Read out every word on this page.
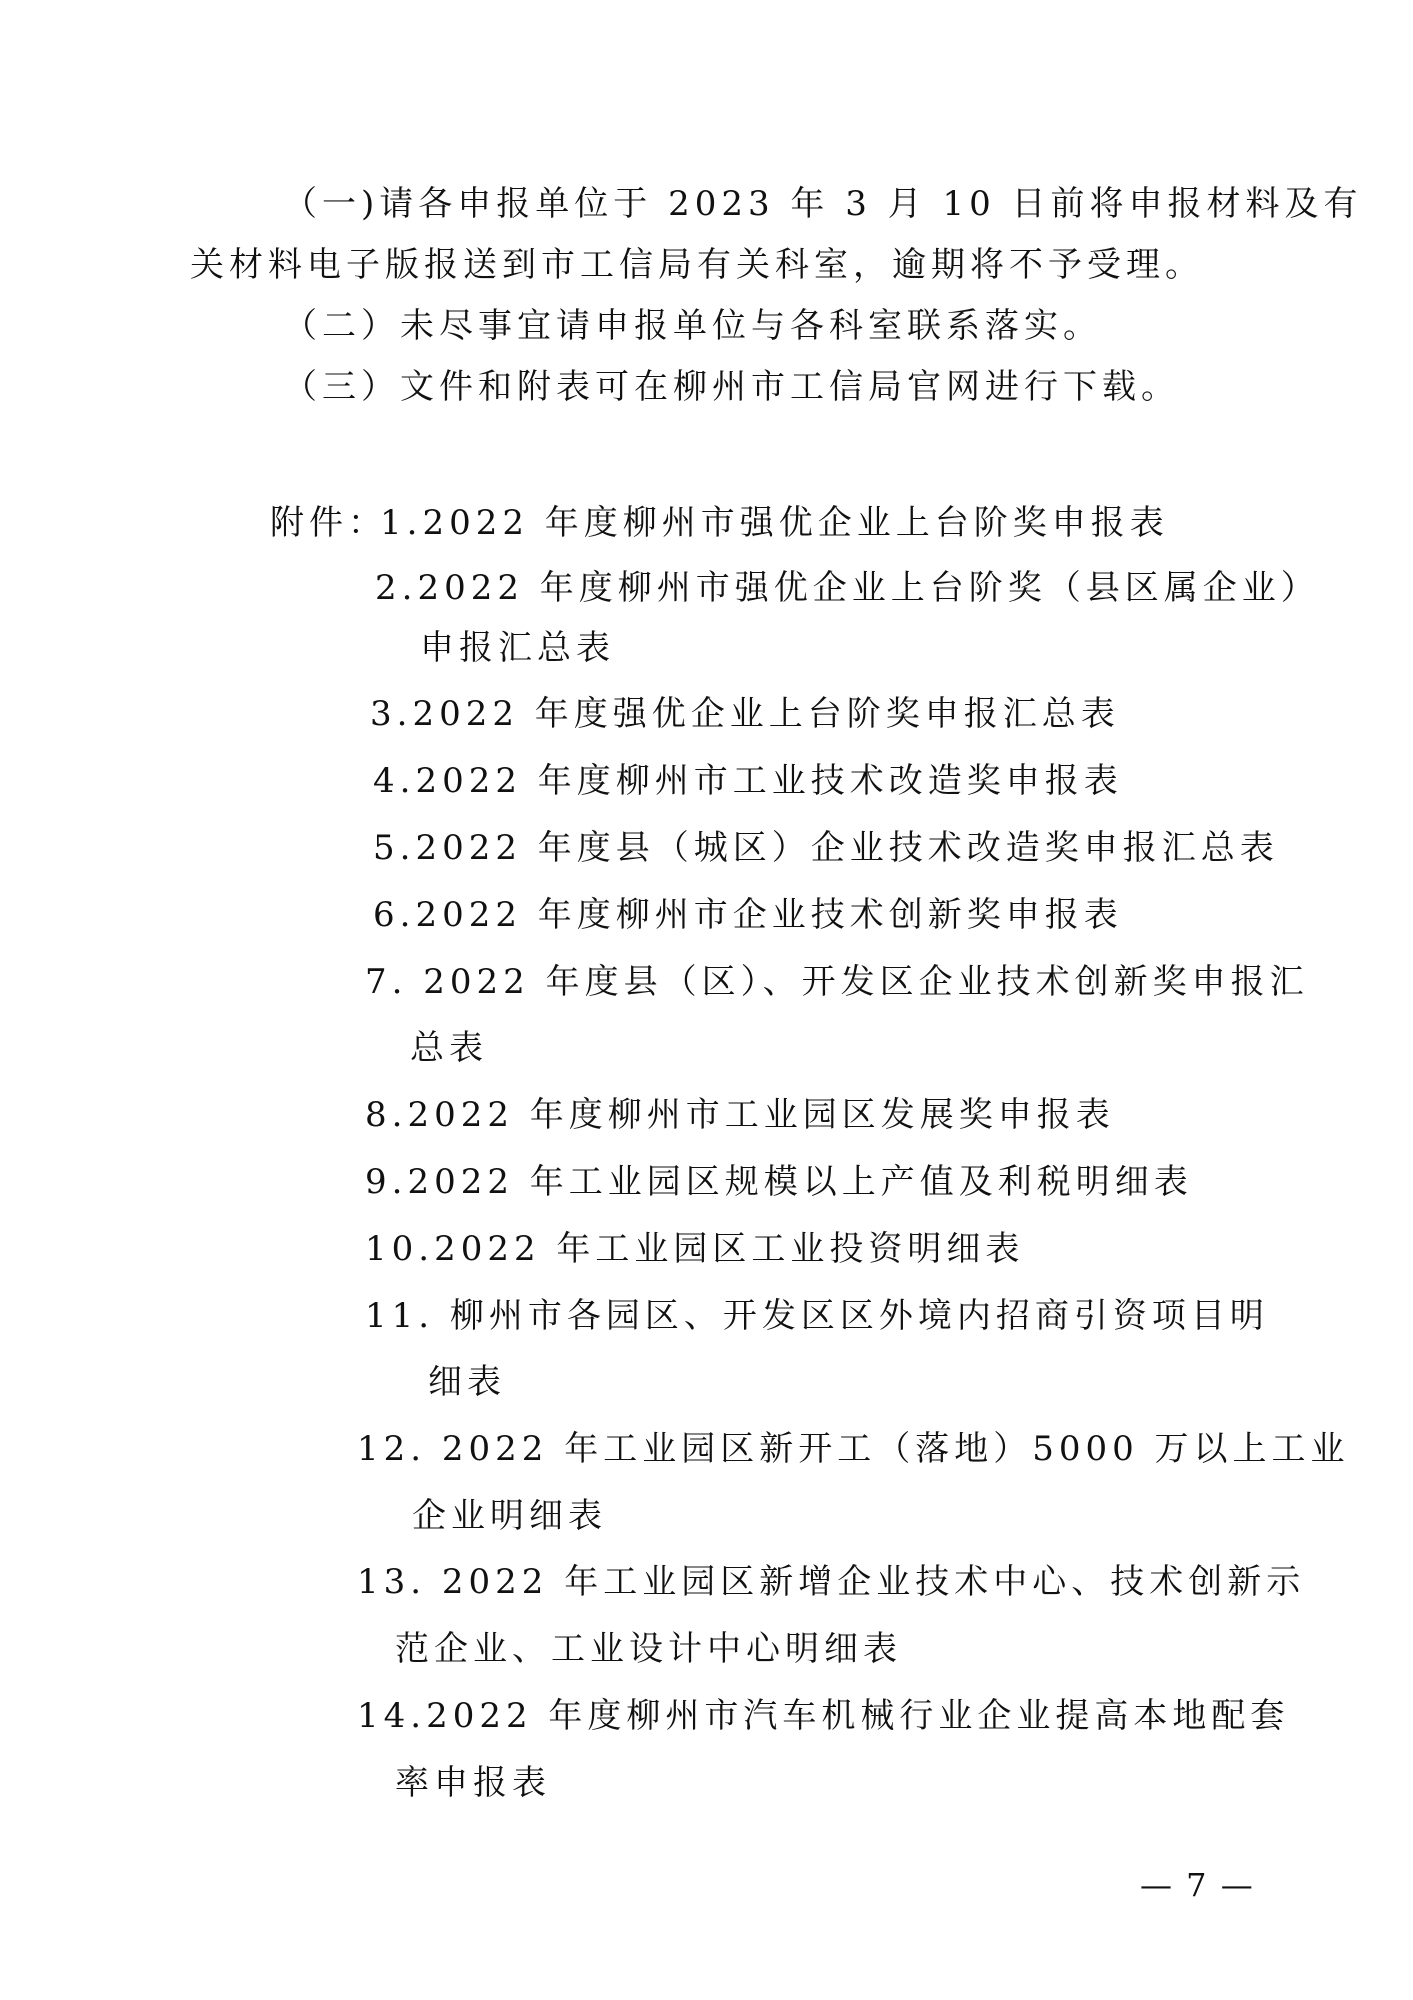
（一)请各申报单位于 2023 年 3 月 10 日前将申报材料及有
关材料电子版报送到市工信局有关科室，逾期将不予受理。
（二）未尽事宜请申报单位与各科室联系落实。
（三）文件和附表可在柳州市工信局官网进行下载。
附件：
1.2022 年度柳州市强优企业上台阶奖申报表
2.2022 年度柳州市强优企业上台阶奖（县区属企业）
申报汇总表
3.2022 年度强优企业上台阶奖申报汇总表
4.2022 年度柳州市工业技术改造奖申报表
5.2022 年度县（城区）企业技术改造奖申报汇总表
6.2022 年度柳州市企业技术创新奖申报表
7. 2022 年度县（区）、开发区企业技术创新奖申报汇
总表
8.2022 年度柳州市工业园区发展奖申报表
9.2022 年工业园区规模以上产值及利税明细表
10.2022 年工业园区工业投资明细表
11. 柳州市各园区、开发区区外境内招商引资项目明
细表
12. 2022 年工业园区新开工（落地）5000 万以上工业
企业明细表
13. 2022 年工业园区新增企业技术中心、技术创新示
范企业、工业设计中心明细表
14.2022 年度柳州市汽车机械行业企业提高本地配套
率申报表
— 7 —
